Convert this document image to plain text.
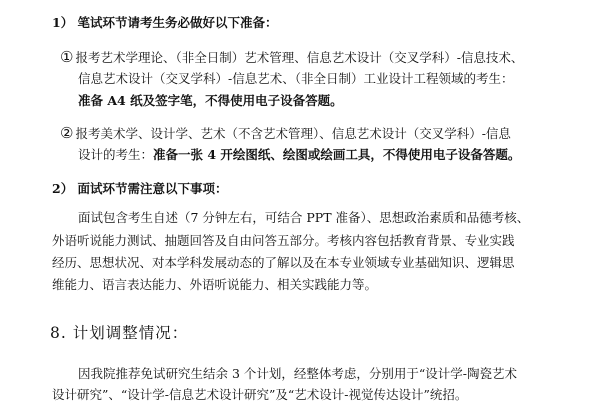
1） 笔试环节请考生务必做好以下准备：
① 报考艺术学理论、（非全日制）艺术管理、信息艺术设计（交叉学科）-信息技术、
信息艺术设计（交叉学科）-信息艺术、（非全日制）工业设计工程领域的考生：
准备 A4 纸及签字笔，不得使用电子设备答题。
② 报考美术学、设计学、艺术（不含艺术管理）、信息艺术设计（交叉学科）-信息
设计的考生：准备一张 4 开绘图纸、绘图或绘画工具，不得使用电子设备答题。
2） 面试环节需注意以下事项：
面试包含考生自述（7 分钟左右，可结合 PPT 准备）、思想政治素质和品德考核、
外语听说能力测试、抽题回答及自由问答五部分。考核内容包括教育背景、专业实践
经历、思想状况、对本学科发展动态的了解以及在本专业领域专业基础知识、逻辑思
维能力、语言表达能力、外语听说能力、相关实践能力等。
8. 计划调整情况：
因我院推荐免试研究生结余 3 个计划，经整体考虑，分别用于“设计学-陶瓷艺术
设计研究”、“设计学-信息艺术设计研究”及“艺术设计-视觉传达设计”统招。
